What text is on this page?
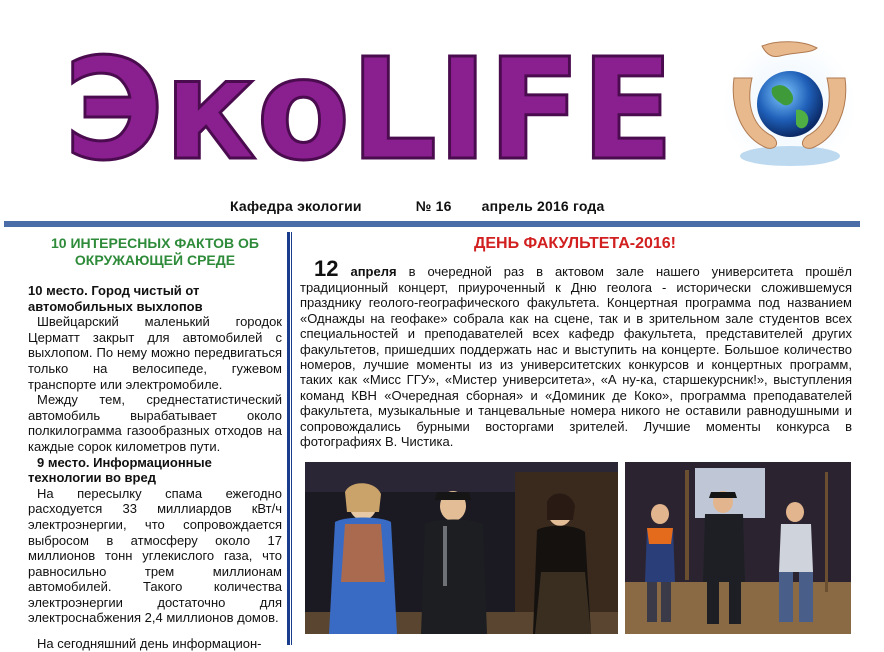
ЭкоLIFE
Кафедра экологии	№ 16 апрель 2016 года
10 ИНТЕРЕСНЫХ ФАКТОВ ОБ ОКРУЖАЮЩЕЙ СРЕДЕ
10 место. Город чистый от автомобильных выхлопов

Швейцарский маленький городок Церматт закрыт для автомобилей с выхлопом. По нему можно передвигаться только на велосипеде, гужевом транспорте или электромобиле.

Между тем, среднестатистический автомобиль вырабатывает около полкилограмма газообразных отходов на каждые сорок километров пути.

9 место. Информационные технологии во вред

На пересылку спама ежегодно расходуется 33 миллиардов кВт/ч электроэнергии, что сопровождается выбросом в атмосферу около 17 миллионов тонн углекислого газа, что равносильно трем миллионам автомобилей. Такого количества электроэнергии достаточно для электроснабжения 2,4 миллионов домов.

На сегодняшний день информацион-

ДЕНЬ ФАКУЛЬТЕТА-2016!

12 апреля в очередной раз в актовом зале нашего университета прошёл традиционный концерт, приуроченный к Дню геолога - исторически сложившемуся празднику геолого-географического факультета. Концертная программа под названием «Однажды на геофаке» собрала как на сцене, так и в зрительном зале студентов всех специальностей и преподавателей всех кафедр факультета, представителей других факультетов, пришедших поддержать нас и выступить на концерте. Большое количество номеров, лучшие моменты из из университетских конкурсов и концертных программ, таких как «Мисс ГГУ», «Мистер университета», «А ну-ка, старшекурсник!», выступления команд КВН «Очередная сборная» и «Доминик де Коко», программа преподавателей факультета, музыкальные и танцевальные номера никого не оставили равнодушными и сопровождались бурными восторгами зрителей. Лучшие моменты конкурса в фотографиях В. Чистика.
